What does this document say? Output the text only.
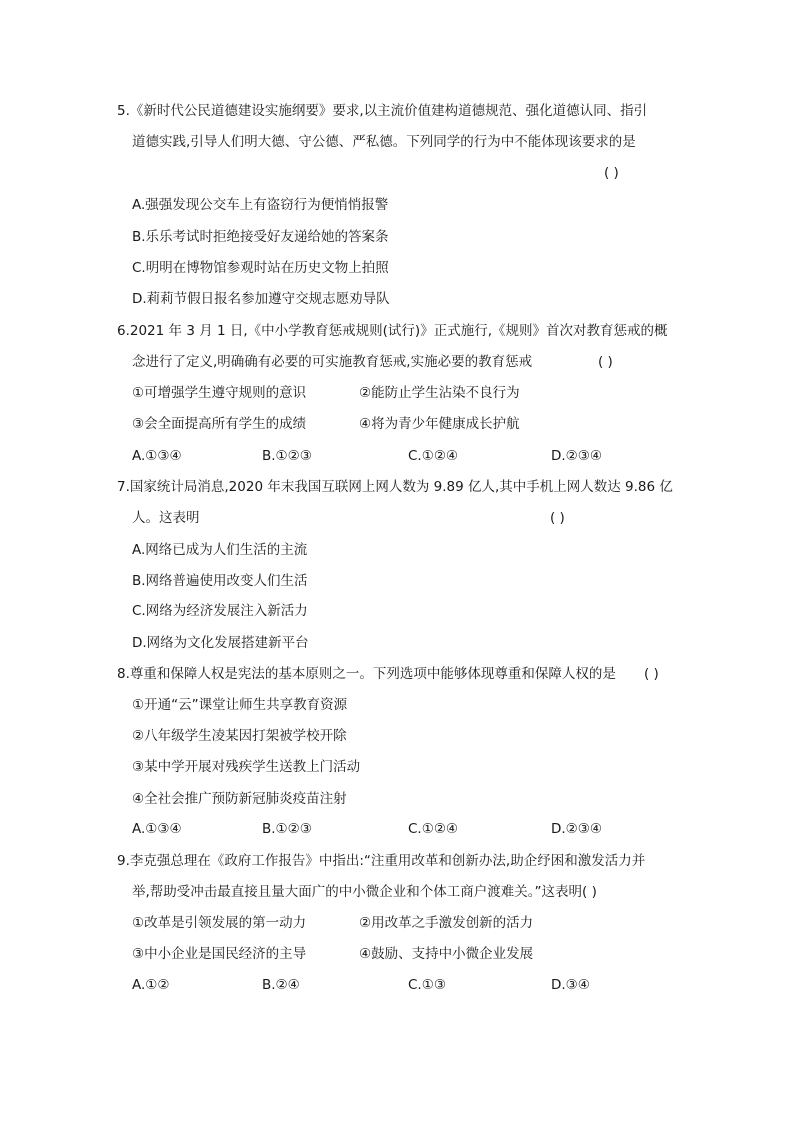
5.《新时代公民道德建设实施纲要》要求,以主流价值建构道德规范、强化道德认同、指引
道德实践,引导人们明大德、守公德、严私德。下列同学的行为中不能体现该要求的是
( )
A.强强发现公交车上有盗窃行为便悄悄报警
B.乐乐考试时拒绝接受好友递给她的答案条
C.明明在博物馆参观时站在历史文物上拍照
D.莉莉节假日报名参加遵守交规志愿劝导队
6.2021 年 3 月 1 日,《中小学教育惩戒规则(试行)》正式施行,《规则》首次对教育惩戒的概
念进行了定义,明确确有必要的可实施教育惩戒,实施必要的教育惩戒	( )
①可增强学生遵守规则的意识	②能防止学生沾染不良行为
③会全面提高所有学生的成绩	④将为青少年健康成长护航
A.①③④	B.①②③	C.①②④	D.②③④
7.国家统计局消息,2020 年末我国互联网上网人数为 9.89 亿人,其中手机上网人数达 9.86 亿
人。这表明	( )
A.网络已成为人们生活的主流
B.网络普遍使用改变人们生活
C.网络为经济发展注入新活力
D.网络为文化发展搭建新平台
8.尊重和保障人权是宪法的基本原则之一。下列选项中能够体现尊重和保障人权的是 ( )
①开通“云”课堂让师生共享教育资源
②八年级学生凌某因打架被学校开除
③某中学开展对残疾学生送教上门活动
④全社会推广预防新冠肺炎疫苗注射
A.①③④	B.①②③	C.①②④	D.②③④
9.李克强总理在《政府工作报告》中指出:“注重用改革和创新办法,助企纾困和激发活力并
举,帮助受冲击最直接且量大面广的中小微企业和个体工商户渡难关。”这表明( )
①改革是引领发展的第一动力	②用改革之手激发创新的活力
③中小企业是国民经济的主导	④鼓励、支持中小微企业发展
A.①②	B.②④	C.①③	D.③④
